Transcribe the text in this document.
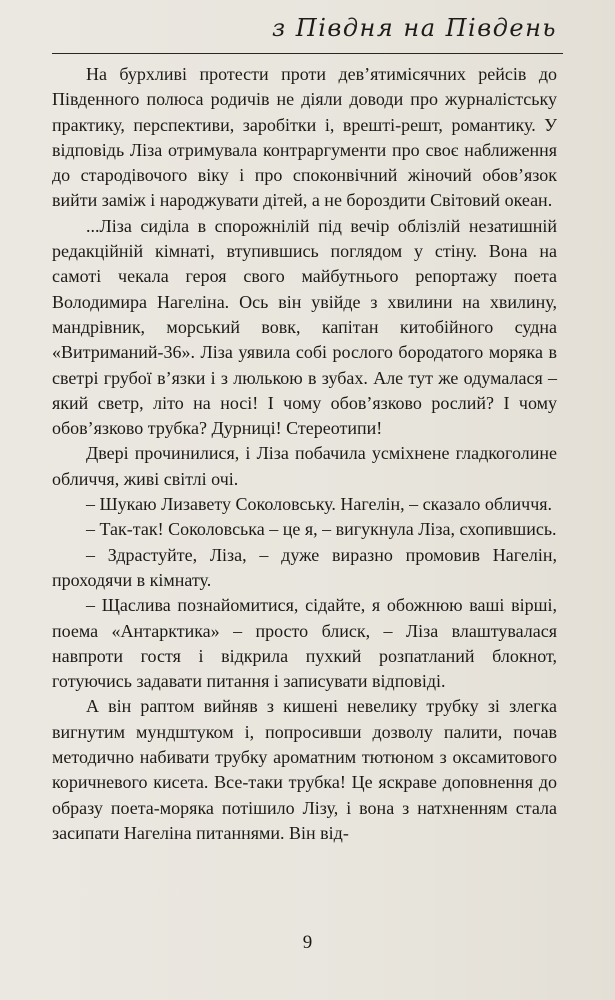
з Півдня на Південь

На бурхливі протести проти дев’ятимісячних рейсів до Південного полюса родичів не діяли доводи про журналістську практику, перспективи, заробітки і, врешті-решт, романтику. У відповідь Ліза отримувала контраргументи про своє наближення до стародівочого віку і про споконвічний жіночий обов’язок вийти заміж і народжувати дітей, а не бороздити Світовий океан.

...Ліза сиділа в спорожнілій під вечір облізлій незатишній редакційній кімнаті, втупившись поглядом у стіну. Вона на самоті чекала героя свого майбутнього репортажу поета Володимира Нагеліна. Ось він увійде з хвилини на хвилину, мандрівник, морський вовк, капітан китобійного судна «Витриманий-36». Ліза уявила собі рослого бородатого моряка в светрі грубої в’язки і з люлькою в зубах. Але тут же одумалася – який светр, літо на носі! І чому обов’язково рослий? І чому обов’язково трубка? Дурниці! Стереотипи!

Двері прочинилися, і Ліза побачила усміхнене гладкоголине обличчя, живі світлі очі.

– Шукаю Лизавету Соколовську. Нагелін, – сказало обличчя.

– Так-так! Соколовська – це я, – вигукнула Ліза, схопившись.

– Здрастуйте, Ліза, – дуже виразно промовив Нагелін, проходячи в кімнату.

– Щаслива познайомитися, сідайте, я обожнюю ваші вірші, поема «Антарктика» – просто блиск, – Ліза влаштувалася навпроти гостя і відкрила пухкий розпатланий блокнот, готуючись задавати питання і записувати відповіді.

А він раптом вийняв з кишені невелику трубку зі злегка вигнутим мундштуком і, попросивши дозволу палити, почав методично набивати трубку ароматним тютюном з оксамитового коричневого кисета. Все-таки трубка! Це яскраве доповнення до образу поета-моряка потішило Лізу, і вона з натхненням стала засипати Нагеліна питаннями. Він від-

9
